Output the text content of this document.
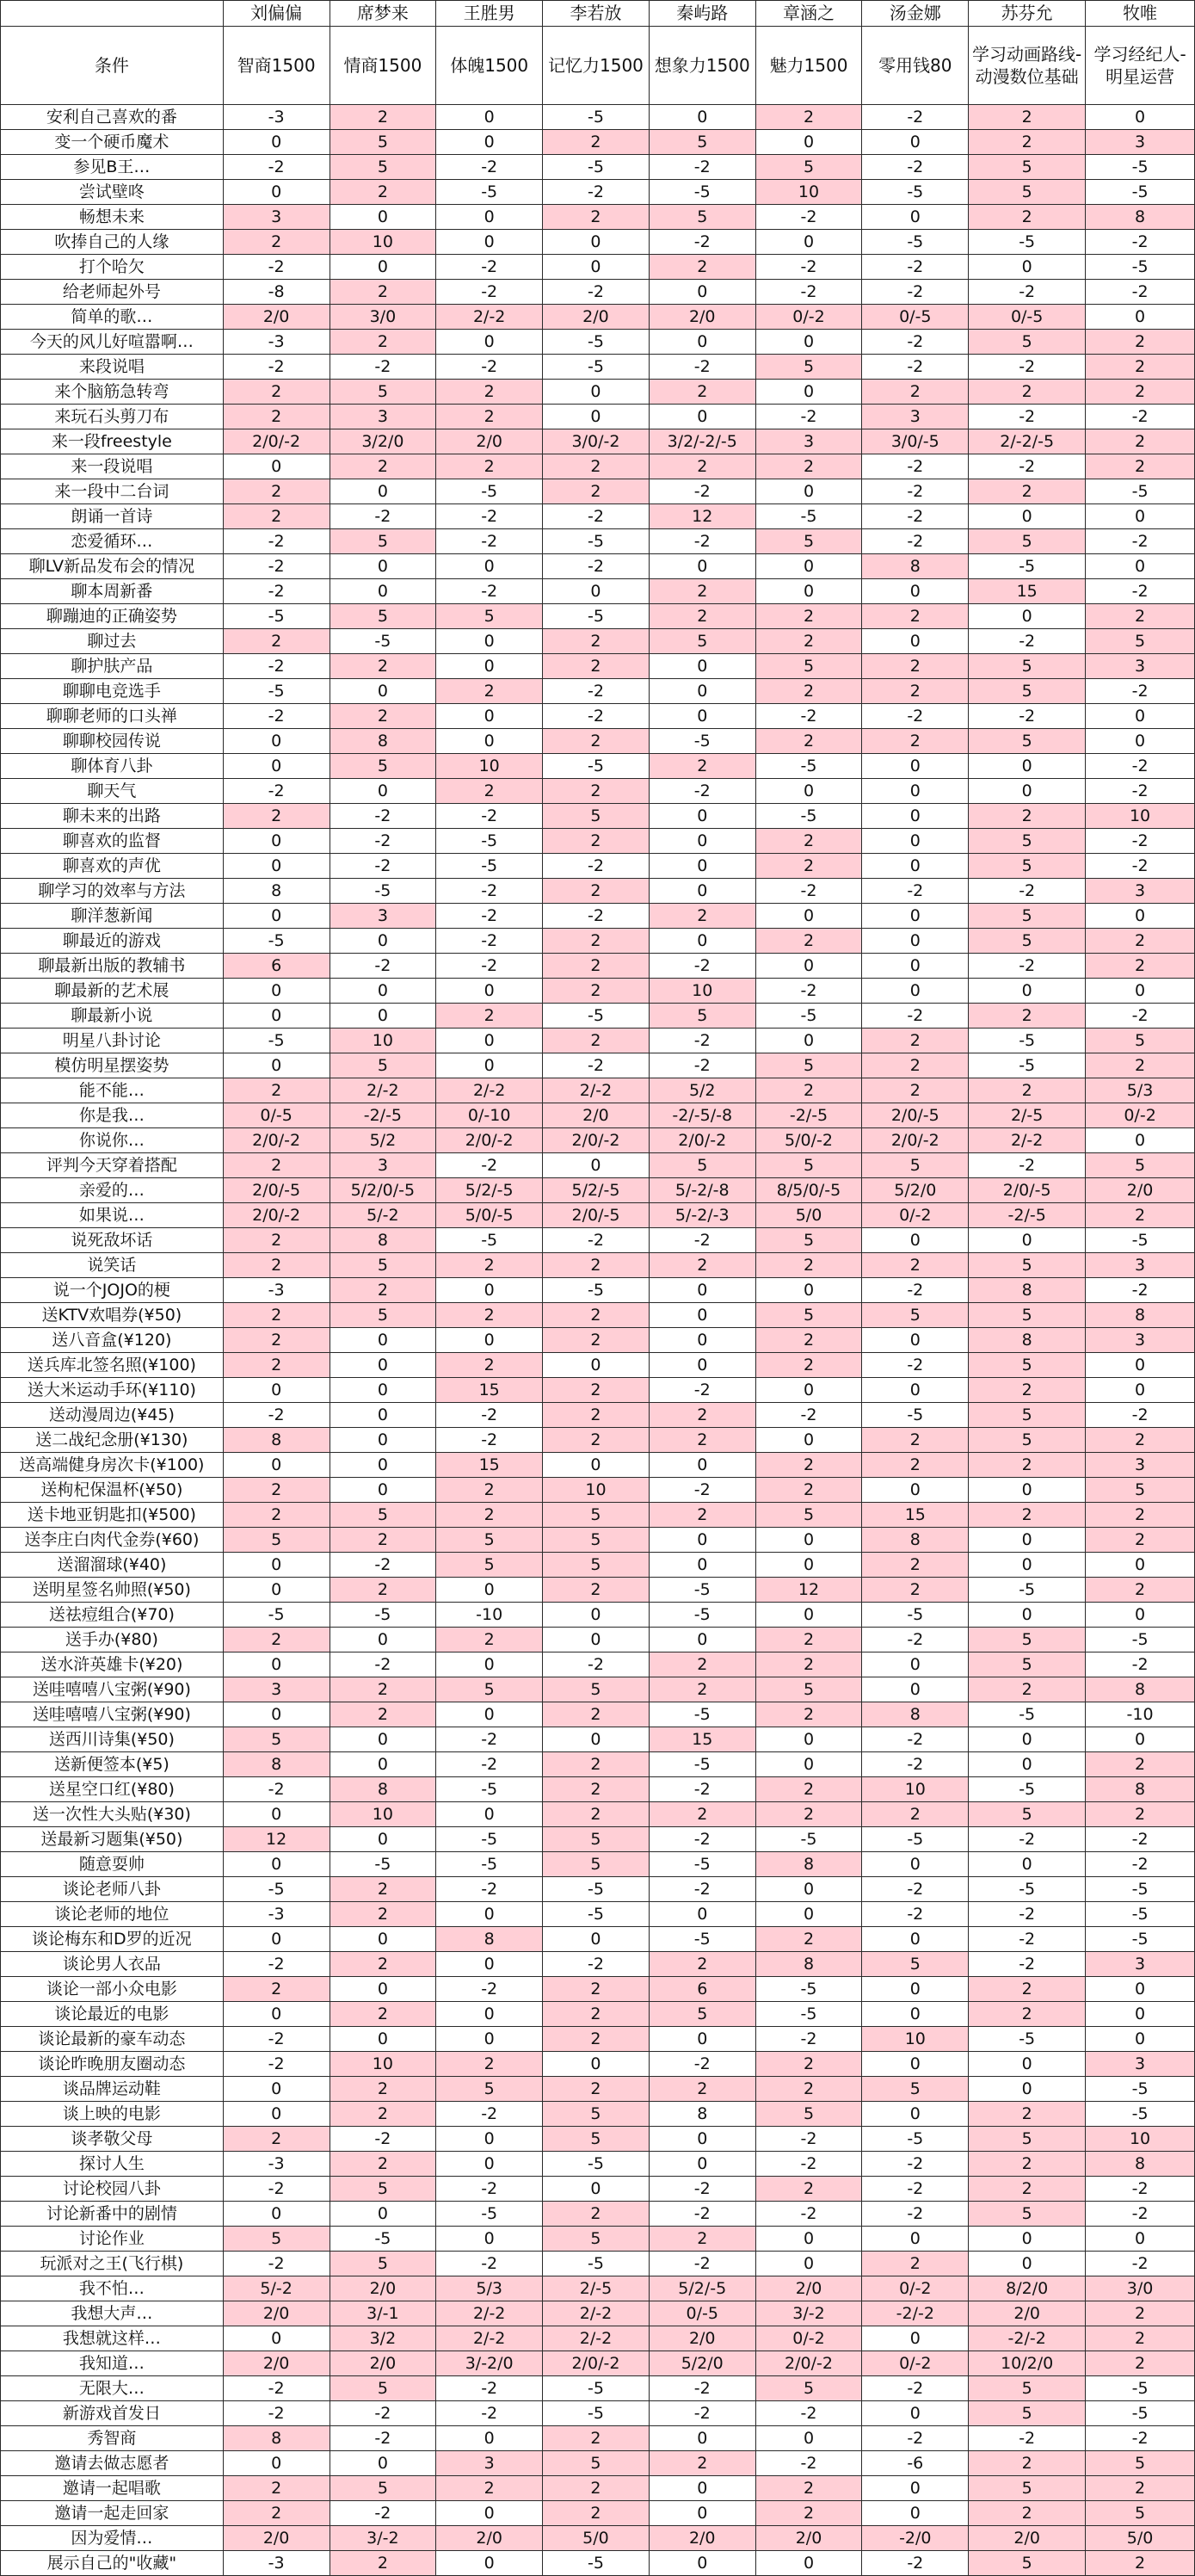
	刘偏偏	席梦来	王胜男	李若放	秦屿路	章涵之	汤金娜	苏芬允	牧唯
条件	智商1500	情商1500	体魄1500	记忆力1500	想象力1500	魅力1500	零用钱80	学习动画路线-动漫数位基础	学习经纪人-明星运营
安利自己喜欢的番	-3	2	0	-5	0	2	-2	2	0
变一个硬币魔术	0	5	0	2	5	0	0	2	3
参见B王…	-2	5	-2	-5	-2	5	-2	5	-5
尝试壁咚	0	2	-5	-2	-5	10	-5	5	-5
畅想未来	3	0	0	2	5	-2	0	2	8
吹捧自己的人缘	2	10	0	0	-2	0	-5	-5	-2
打个哈欠	-2	0	-2	0	2	-2	-2	0	-5
给老师起外号	-8	2	-2	-2	0	-2	-2	-2	-2
简单的歌…	2/0	3/0	2/-2	2/0	2/0	0/-2	0/-5	0/-5	0
今天的风儿好喧嚣啊…	-3	2	0	-5	0	0	-2	5	2
来段说唱	-2	-2	-2	-5	-2	5	-2	-2	2
来个脑筋急转弯	2	5	2	0	2	0	2	2	2
来玩石头剪刀布	2	3	2	0	0	-2	3	-2	-2
来一段freestyle	2/0/-2	3/2/0	2/0	3/0/-2	3/2/-2/-5	3	3/0/-5	2/-2/-5	2
来一段说唱	0	2	2	2	2	2	-2	-2	2
来一段中二台词	2	0	-5	2	-2	0	-2	2	-5
朗诵一首诗	2	-2	-2	-2	12	-5	-2	0	0
恋爱循环…	-2	5	-2	-5	-2	5	-2	5	-2
聊LV新品发布会的情况	-2	0	0	-2	0	0	8	-5	0
聊本周新番	-2	0	-2	0	2	0	0	15	-2
聊蹦迪的正确姿势	-5	5	5	-5	2	2	2	0	2
聊过去	2	-5	0	2	5	2	0	-2	5
聊护肤产品	-2	2	0	2	0	5	2	5	3
聊聊电竞选手	-5	0	2	-2	0	2	2	5	-2
聊聊老师的口头禅	-2	2	0	-2	0	-2	-2	-2	0
聊聊校园传说	0	8	0	2	-5	2	2	5	0
聊体育八卦	0	5	10	-5	2	-5	0	0	-2
聊天气	-2	0	2	2	-2	0	0	0	-2
聊未来的出路	2	-2	-2	5	0	-5	0	2	10
聊喜欢的监督	0	-2	-5	2	0	2	0	5	-2
聊喜欢的声优	0	-2	-5	-2	0	2	0	5	-2
聊学习的效率与方法	8	-5	-2	2	0	-2	-2	-2	3
聊洋葱新闻	0	3	-2	-2	2	0	0	5	0
聊最近的游戏	-5	0	-2	2	0	2	0	5	2
聊最新出版的教辅书	6	-2	-2	2	-2	0	0	-2	2
聊最新的艺术展	0	0	0	2	10	-2	0	0	0
聊最新小说	0	0	2	-5	5	-5	-2	2	-2
明星八卦讨论	-5	10	0	2	-2	0	2	-5	5
模仿明星摆姿势	0	5	0	-2	-2	5	2	-5	2
能不能…	2	2/-2	2/-2	2/-2	5/2	2	2	2	5/3
你是我…	0/-5	-2/-5	0/-10	2/0	-2/-5/-8	-2/-5	2/0/-5	2/-5	0/-2
你说你…	2/0/-2	5/2	2/0/-2	2/0/-2	2/0/-2	5/0/-2	2/0/-2	2/-2	0
评判今天穿着搭配	2	3	-2	0	5	5	5	-2	5
亲爱的…	2/0/-5	5/2/0/-5	5/2/-5	5/2/-5	5/-2/-8	8/5/0/-5	5/2/0	2/0/-5	2/0
如果说…	2/0/-2	5/-2	5/0/-5	2/0/-5	5/-2/-3	5/0	0/-2	-2/-5	2
说死敌坏话	2	8	-5	-2	-2	5	0	0	-5
说笑话	2	5	2	2	2	2	2	5	3
说一个JOJO的梗	-3	2	0	-5	0	0	-2	8	-2
送KTV欢唱券(¥50)	2	5	2	2	0	5	5	5	8
送八音盒(¥120)	2	0	0	2	0	2	0	8	3
送兵库北签名照(¥100)	2	0	2	0	0	2	-2	5	0
送大米运动手环(¥110)	0	0	15	2	-2	0	0	2	0
送动漫周边(¥45)	-2	0	-2	2	2	-2	-5	5	-2
送二战纪念册(¥130)	8	0	-2	2	2	0	2	5	2
送高端健身房次卡(¥100)	0	0	15	0	0	2	2	2	3
送枸杞保温杯(¥50)	2	0	2	10	-2	2	0	0	5
送卡地亚钥匙扣(¥500)	2	5	2	5	2	5	15	2	2
送李庄白肉代金券(¥60)	5	2	5	5	0	0	8	0	2
送溜溜球(¥40)	0	-2	5	5	0	0	2	0	0
送明星签名帅照(¥50)	0	2	0	2	-5	12	2	-5	2
送祛痘组合(¥70)	-5	-5	-10	0	-5	0	-5	0	0
送手办(¥80)	2	0	2	0	0	2	-2	5	-5
送水浒英雄卡(¥20)	0	-2	0	-2	2	2	0	5	-2
送哇嘻嘻八宝粥(¥90)	3	2	5	5	2	5	0	2	8
送哇嘻嘻八宝粥(¥90)	0	2	0	2	-5	2	8	-5	-10
送西川诗集(¥50)	5	0	-2	0	15	0	-2	0	0
送新便签本(¥5)	8	0	-2	2	-5	0	-2	0	2
送星空口红(¥80)	-2	8	-5	2	-2	2	10	-5	8
送一次性大头贴(¥30)	0	10	0	2	2	2	2	5	2
送最新习题集(¥50)	12	0	-5	5	-2	-5	-5	-2	-2
随意耍帅	0	-5	-5	5	-5	8	0	0	-2
谈论老师八卦	-5	2	-2	-5	-2	0	-2	-5	-5
谈论老师的地位	-3	2	0	-5	0	0	-2	-2	-5
谈论梅东和D罗的近况	0	0	8	0	-5	2	0	-2	-5
谈论男人衣品	-2	2	0	-2	2	8	5	-2	3
谈论一部小众电影	2	0	-2	2	6	-5	0	2	0
谈论最近的电影	0	2	0	2	5	-5	0	2	0
谈论最新的豪车动态	-2	0	0	2	0	-2	10	-5	0
谈论昨晚朋友圈动态	-2	10	2	0	-2	2	0	0	3
谈品牌运动鞋	0	2	5	2	2	2	5	0	-5
谈上映的电影	0	2	-2	5	8	5	0	2	-5
谈孝敬父母	2	-2	0	5	0	-2	-5	5	10
探讨人生	-3	2	0	-5	0	-2	-2	2	8
讨论校园八卦	-2	5	-2	0	-2	2	-2	2	-2
讨论新番中的剧情	0	0	-5	2	-2	-2	-2	5	-2
讨论作业	5	-5	0	5	2	0	0	0	0
玩派对之王(飞行棋)	-2	5	-2	-5	-2	0	2	0	-2
我不怕…	5/-2	2/0	5/3	2/-5	5/2/-5	2/0	0/-2	8/2/0	3/0
我想大声…	2/0	3/-1	2/-2	2/-2	0/-5	3/-2	-2/-2	2/0	2
我想就这样…	0	3/2	2/-2	2/-2	2/0	0/-2	0	-2/-2	2
我知道…	2/0	2/0	3/-2/0	2/0/-2	5/2/0	2/0/-2	0/-2	10/2/0	2
无限大…	-2	5	-2	-5	-2	5	-2	5	-5
新游戏首发日	-2	-2	-2	-5	-2	-2	0	5	-5
秀智商	8	-2	0	2	0	0	-2	-2	-2
邀请去做志愿者	0	0	3	5	2	-2	-6	2	5
邀请一起唱歌	2	5	2	2	0	2	0	5	2
邀请一起走回家	2	-2	0	2	0	2	0	2	5
因为爱情…	2/0	3/-2	2/0	5/0	2/0	2/0	-2/0	2/0	5/0
展示自己的"收藏"	-3	2	0	-5	0	0	-2	5	2
